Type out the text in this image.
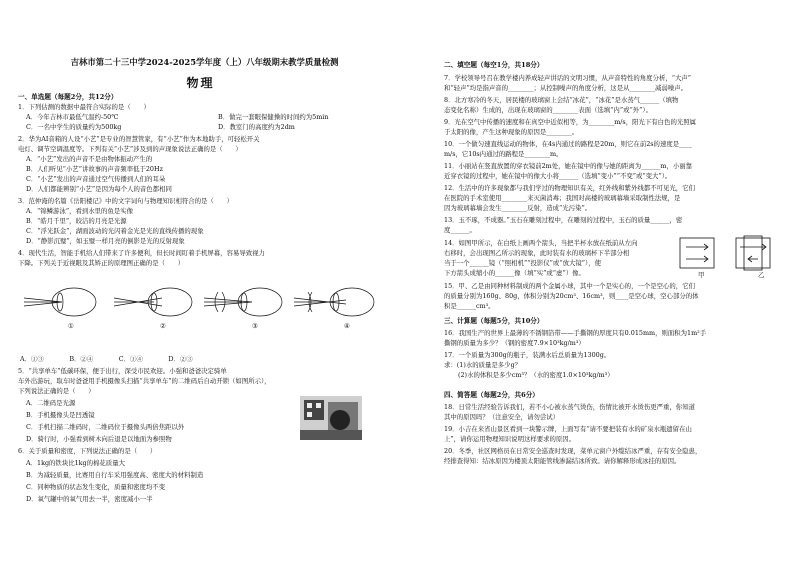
吉林市第二十三中学2024-2025学年度（上）八年级期末教学质量检测
物理
一、单选题（每题2分，共12分）
1．下列估测的数据中最符合实际的是（　　）
A．今年吉林市最低气温约-50℃	B．做完一套眼保健操的时间约为5min
C．一名中学生的质量约为500kg	D．教室门的高度约为2dm
2．华为AI音箱的人设“小艺”是专业的智慧管家，有“小艺”作为本地助手，可轻松开关
电灯、调节空调温度等。下列有关“小艺”涉及到的声现象说法正确的是（　　）
A．“小艺”发出的声音不是由物体振动产生的
B．人们听见“小艺”讲故事的声音频率低于20Hz
C．“小艺”发出的声音通过空气传播到人们的耳朵
D．人们都能辨别“小艺”是因为每个人的音色都相同
3．范仲淹的名篇《岳阳楼记》中的文字词句与物理知识相符合的是（　　）
A．“锦鳞游泳”，看到水里的鱼是实像
B．“皓月千里”，皎洁的月亮是光源
C．“浮光跃金”，湖面波动的光闪着金光是光的直线传播的现象
D．“静影沉璧”，如玉璧一样月亮的倒影是光的反射现象
4．现代生活，智能手机给人们带来了许多便利，但长时间盯着手机屏幕，容易导致视力
下降。下列关于近视眼及其矫正的原理图正确的是（　　）
①	②	③	④
A．①③　　　　B．②④　　　　C．①④　　　　D．②③
5．“共享单车”低碳环保，便于出行，深受市民欢迎。小强和爸爸决定骑单
车外出游玩，取车时爸爸用手机摄像头扫描“共享单车”的二维码后自动开锁（如图所示），
下列说法正确的是（　　）
A．二维码是光源
B．手机摄像头是凹透镜
C．手机扫描二维码时，二维码位于摄像头两倍焦距以外
D．骑行时，小强看到树木向后退是以地面为参照物
6．关于质量和密度，下列说法正确的是（　　）
A．1kg的铁块比1kg的棉花质量大
B．为减轻质量，比赛用自行车采用强度高、密度大的材料制造
C．同种物质的状态发生变化，质量和密度均不变
D．氧气罐中的氧气用去一半，密度减小一半
二、填空题（每空1分，共18分）
7．学校领导号召在教学楼内养成轻声讲话的文明习惯，从声音特性的角度分析，“大声”
和“轻声”均是指声音的________；从控制噪声的角度分析，这是从________减弱噪声。
8．北方寒冷的冬天，居民楼的玻璃窗上会结“冰花”，“冰花”是水蒸气______（填物
态变化名称）生成的，出现在玻璃窗的________表面（选填“内”或“外”）。
9．光在空气中传播的速度和在真空中近似相等，为________m/s，阳光下有白色的光照属
于太阳的像，产生这种现象的原因是________。
10．一个做匀速直线运动的物体，在4s内通过的路程是20m，则它在前2s的速度是____
m/s，它10s内通过的路程是________m。
11．小丽站在竖直放置的穿衣镜前2m处，她在镜中的像与她的距离为______m，小丽靠
近穿衣镜的过程中，她在镜中的像大小将______（选填“变小”“不变”或“变大”）。
12．生活中的许多现象都与我们学过的物理知识有关，红外线和紫外线都不可见光，它们
在医院的手术室使用________来灭菌消毒；我国对高楼的玻璃幕墙采取制性法规，是
因为玻璃幕墙会发生________反射，造成“光污染”。
13．玉不琢，不成器。”玉石在雕刻过程中，在雕刻的过程中，玉石的质量______，密
度______。
14．如图甲所示，在白纸上画两个箭头，当把半杯水放在纸前从左向
右移时，会出现图乙所示的现象，此时装有水的玻璃杯下半部分相
当于一个______镜（“照相机”“投影仪”或“放大镜”），使
下方箭头成缩小的______像（填“实”或“虚”）像。	甲	乙
15．甲、乙是由同种材料制成的两个金属小球，其中一个是实心的，一个是空心的，它们
的质量分别为160g、80g，体积分别为20cm³、16cm³，则____是空心球，空心部分的体
积是______cm³。
三、计算题（每题5分，共10分）
16．我国生产的世界上最薄的不锈钢箔带——手撕钢的厚度只有0.015mm，则面积为1m²手
撕钢的质量为多少？（钢的密度7.9×10³kg/m³）
17．一个质量为300g的瓶子，装满水后总质量为1300g。
求：(1)水的质量是多少g？
(2)水的体积是多少cm³？（水的密度1.0×10³kg/m³）
四、简答题（每题2分，共6分）
18．日常生活经验告诉我们，若不小心被水蒸气烫伤，伤情比被开水烫伤更严重，你知道
其中的原因吗？（注意安全，请勿尝试）
19．小吉在来省山景区看到一块警示牌，上面写有“请不要把装有水的矿泉水瓶遗留在山
上”，请你运用物理知识说明这样要求的原因。
20．冬季，社区网格员在日常安全巡查时发现，菜单元窗户外缆结冰严重，存有安全隐患，
经排查得知：结冰原因为楼顶太阳能管线渗漏结冰所致。请你解释形成冰挂的原因。
